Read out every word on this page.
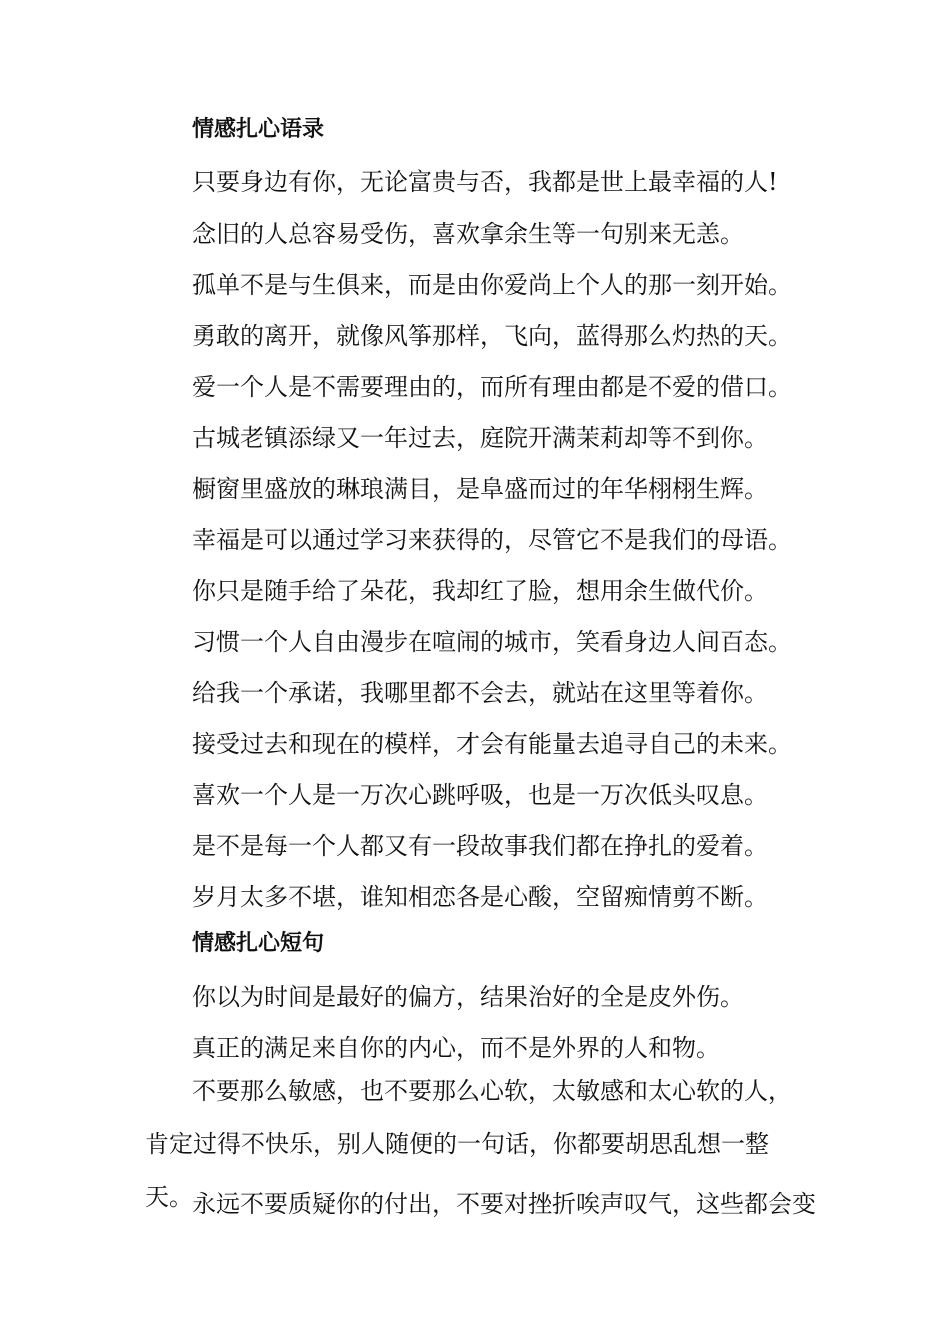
情感扎心语录

只要身边有你，无论富贵与否，我都是世上最幸福的人!

念旧的人总容易受伤，喜欢拿余生等一句别来无恙。

孤单不是与生俱来，而是由你爱尚上个人的那一刻开始。

勇敢的离开，就像风筝那样，飞向，蓝得那么灼热的天。

爱一个人是不需要理由的，而所有理由都是不爱的借口。

古城老镇添绿又一年过去，庭院开满茉莉却等不到你。

橱窗里盛放的琳琅满目，是阜盛而过的年华栩栩生辉。

幸福是可以通过学习来获得的，尽管它不是我们的母语。

你只是随手给了朵花，我却红了脸，想用余生做代价。

习惯一个人自由漫步在喧闹的城市，笑看身边人间百态。

给我一个承诺，我哪里都不会去，就站在这里等着你。

接受过去和现在的模样，才会有能量去追寻自己的未来。

喜欢一个人是一万次心跳呼吸，也是一万次低头叹息。

是不是每一个人都又有一段故事我们都在挣扎的爱着。

岁月太多不堪，谁知相恋各是心酸，空留痴情剪不断。

情感扎心短句

你以为时间是最好的偏方，结果治好的全是皮外伤。

真正的满足来自你的内心，而不是外界的人和物。

不要那么敏感，也不要那么心软，太敏感和太心软的人，肯定过得不快乐，别人随便的一句话，你都要胡思乱想一整天。 永远不要质疑你的付出，不要对挫折唉声叹气，这些都会变
